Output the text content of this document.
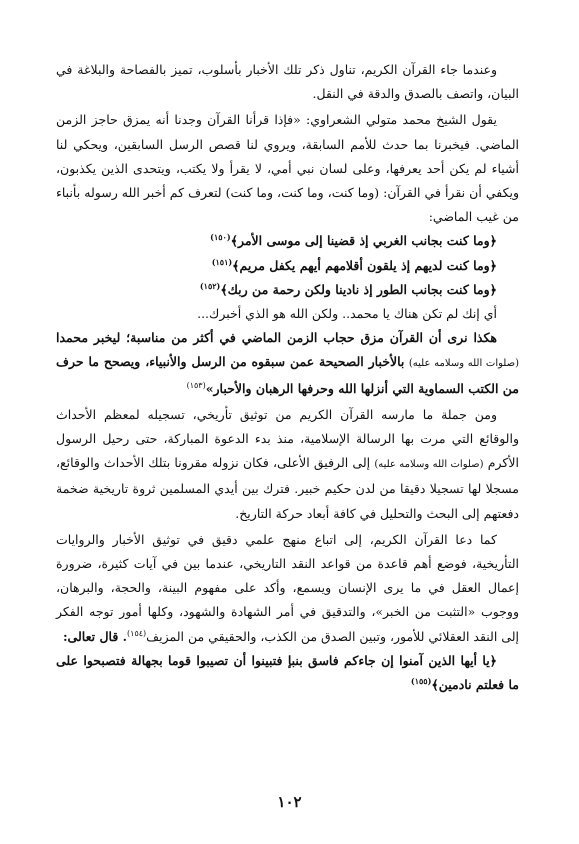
وعندما جاء القرآن الكريم، تناول ذكر تلك الأخبار بأسلوب، تميز بالفصاحة والبلاغة في البيان، واتصف بالصدق والدقة في النقل.

يقول الشيخ محمد متولي الشعراوي: «فإذا قرأنا القرآن وجدنا أنه يمزق حاجز الزمن الماضي. فيخبرنا بما حدث للأمم السابقة، ويروي لنا قصص الرسل السابقين، ويحكي لنا أشياء لم يكن أحد يعرفها، وعلى لسان نبي أمي، لا يقرأ ولا يكتب، ويتحدى الذين يكذبون، ويكفي أن نقرأ في القرآن: (وما كنت، وما كنت، وما كنت) لتعرف كم أخبر الله رسوله بأنباء من غيب الماضي:

﴿وما كنت بجانب الغربي إذ قضينا إلى موسى الأمر﴾$^{(١٥٠)}$

﴿وما كنت لديهم إذ يلقون أقلامهم أيهم يكفل مريم﴾$^{(١٥١)}$

﴿وما كنت بجانب الطور إذ نادينا ولكن رحمة من ربك﴾$^{(١٥٢)}$

أي إنك لم تكن هناك يا محمد.. ولكن الله هو الذي أخبرك...

هكذا نرى أن القرآن مزق حجاب الزمن الماضي في أكثر من مناسبة؛ ليخبر محمدا (صلوات الله وسلامه عليه) بالأخبار الصحيحة عمن سبقوه من الرسل والأنبياء، ويصحح ما حرف من الكتب السماوية التي أنزلها الله وحرفها الرهبان والأحبار»$^{(١٥٣)}$

ومن جملة ما مارسه القرآن الكريم من توثيق تأريخي، تسجيله لمعظم الأحداث والوقائع التي مرت بها الرسالة الإسلامية، منذ بدء الدعوة المباركة، حتى رحيل الرسول الأكرم (صلوات الله وسلامه عليه) إلى الرفيق الأعلى، فكان نزوله مقرونا بتلك الأحداث والوقائع، مسجلا لها تسجيلا دقيقا من لدن حكيم خبير. فترك بين أيدي المسلمين ثروة تاريخية ضخمة دفعتهم إلى البحث والتحليل في كافة أبعاد حركة التاريخ.

كما دعا القرآن الكريم، إلى اتباع منهج علمي دقيق في توثيق الأخبار والروايات التأريخية، فوضع أهم قاعدة من قواعد النقد التاريخي، عندما بين في آيات كثيرة، ضرورة إعمال العقل في ما يرى الإنسان ويسمع، وأكد على مفهوم البينة، والحجة، والبرهان، ووجوب «التثبت من الخبر»، والتدقيق في أمر الشهادة والشهود، وكلها أمور توجه الفكر إلى النقد العقلائي للأمور، وتبين الصدق من الكذب، والحقيقي من المزيف$^{(١٥٤)}$. قال تعالى:

﴿يا أيها الذين آمنوا إن جاءكم فاسق بنبإ فتبينوا أن تصيبوا قوما بجهالة فتصبحوا على ما فعلتم نادمين﴾$^{(١٥٥)}$

١٠٢
